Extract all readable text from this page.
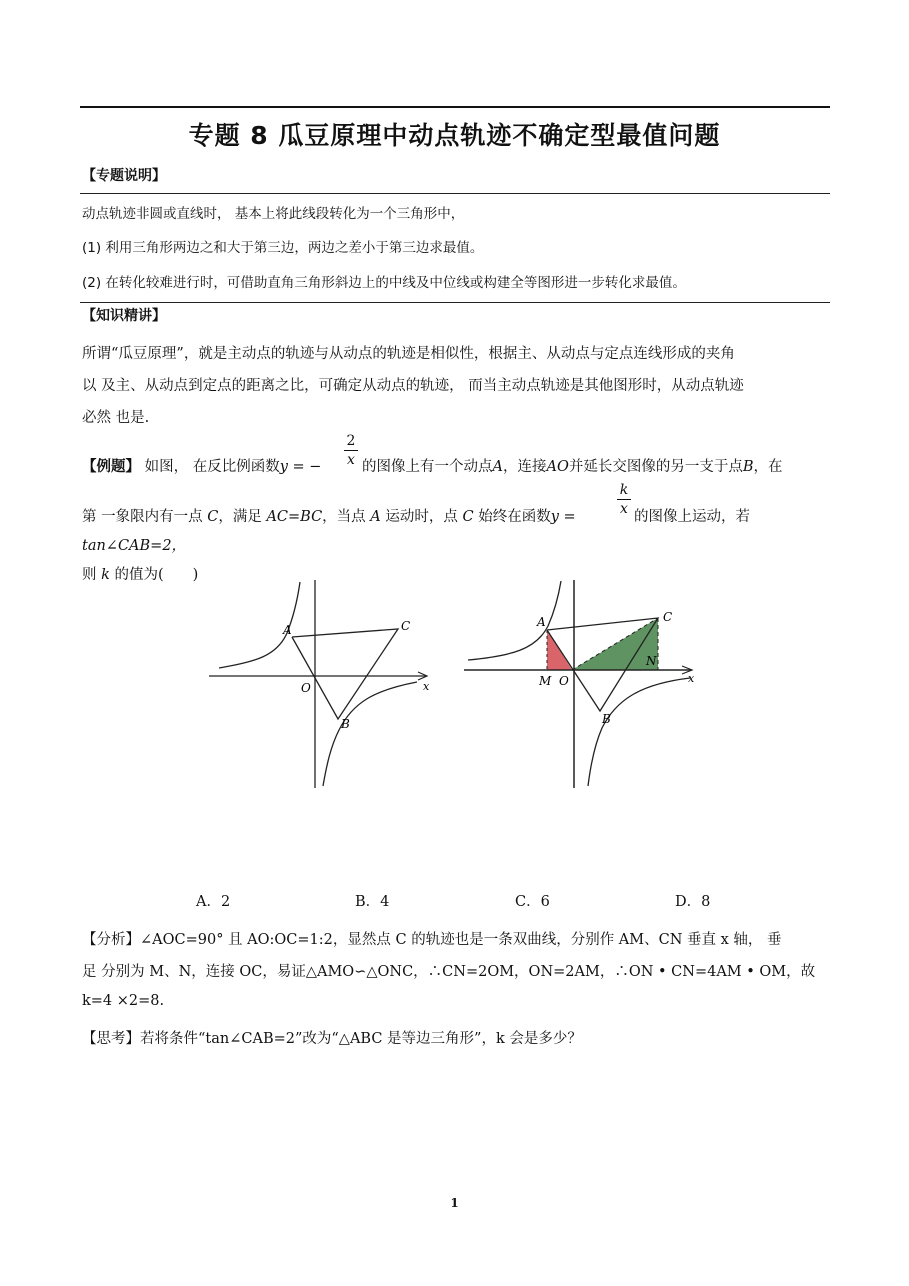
专题 8 瓜豆原理中动点轨迹不确定型最值问题
【专题说明】
动点轨迹非圆或直线时， 基本上将此线段转化为一个三角形中，
(1) 利用三角形两边之和大于第三边，两边之差小于第三边求最值。
(2) 在转化较难进行时，可借助直角三角形斜边上的中线及中位线或构建全等图形进一步转化求最值。
【知识精讲】
所谓“瓜豆原理”，就是主动点的轨迹与从动点的轨迹是相似性，根据主、从动点与定点连线形成的夹角
以 及主、从动点到定点的距离之比，可确定从动点的轨迹， 而当主动点轨迹是其他图形时，从动点轨迹
必然 也是.
【例题】 如图， 在反比例函数y = −
2
x 的图像上有一个动点A，连接AO并延长交图像的另一支于点B，在
第 一象限内有一点 C，满足 AC=BC，当点 A 运动时，点 C 始终在函数y =
k
x 的图像上运动，若
tan∠CAB=2，
则 k 的值为(　　)
A	C
B
O	x
A	C
B
O
M
N
x
A．2	B．4	C．6	D．8
【分析】∠AOC=90° 且 AO:OC=1:2，显然点 C 的轨迹也是一条双曲线，分别作 AM、CN 垂直 x 轴， 垂
足 分别为 M、N，连接 OC，易证△AMO∽△ONC，∴CN=2OM，ON=2AM，∴ON • CN=4AM • OM，故
k=4 ×2=8.
【思考】若将条件“tan∠CAB=2”改为“△ABC 是等边三角形”，k 会是多少？
1
